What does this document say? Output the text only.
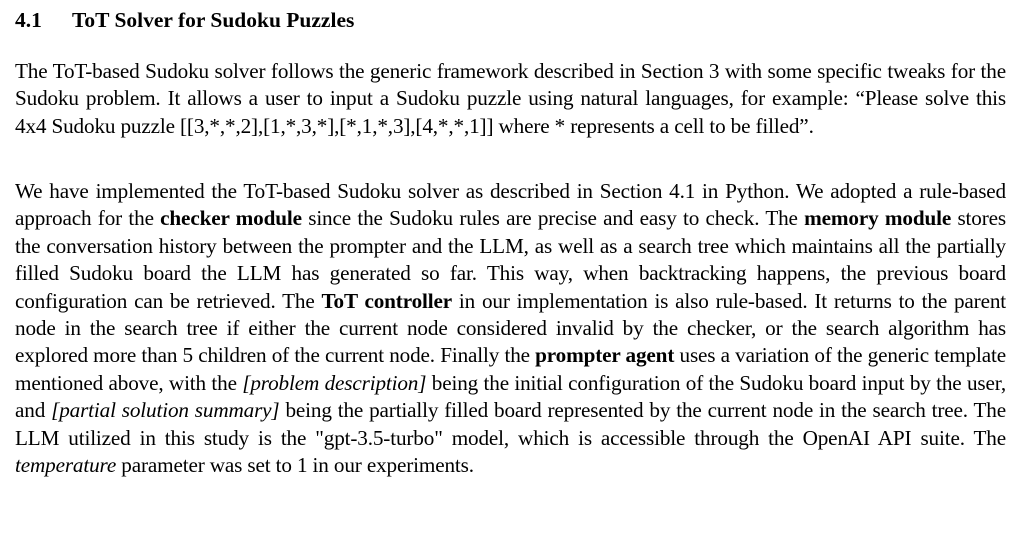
4.1 ToT Solver for Sudoku Puzzles

The ToT-based Sudoku solver follows the generic framework described in Section 3 with some specific tweaks for the Sudoku problem. It allows a user to input a Sudoku puzzle using natural languages, for example: “Please solve this 4x4 Sudoku puzzle [[3,*,*,2],[1,*,3,*],[*,1,*,3],[4,*,*,1]] where * represents a cell to be filled”.

We have implemented the ToT-based Sudoku solver as described in Section 4.1 in Python. We adopted a rule-based approach for the checker module since the Sudoku rules are precise and easy to check. The memory module stores the conversation history between the prompter and the LLM, as well as a search tree which maintains all the partially filled Sudoku board the LLM has generated so far. This way, when backtracking happens, the previous board configuration can be retrieved. The ToT controller in our implementation is also rule-based. It returns to the parent node in the search tree if either the current node considered invalid by the checker, or the search algorithm has explored more than 5 children of the current node. Finally the prompter agent uses a variation of the generic template mentioned above, with the [problem description] being the initial configuration of the Sudoku board input by the user, and [partial solution summary] being the partially filled board represented by the current node in the search tree. The LLM utilized in this study is the "gpt-3.5-turbo" model, which is accessible through the OpenAI API suite. The temperature parameter was set to 1 in our experiments.
